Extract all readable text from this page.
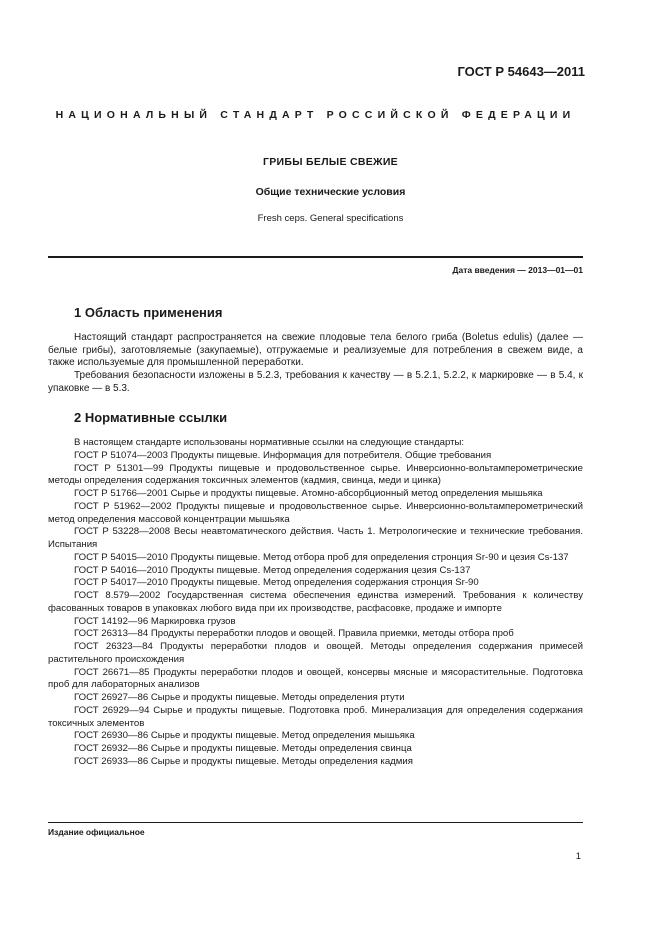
ГОСТ Р 54643—2011
НАЦИОНАЛЬНЫЙ СТАНДАРТ РОССИЙСКОЙ ФЕДЕРАЦИИ
ГРИБЫ БЕЛЫЕ СВЕЖИЕ
Общие технические условия
Fresh ceps. General specifications
Дата введения — 2013—01—01
1 Область применения

Настоящий стандарт распространяется на свежие плодовые тела белого гриба (Boletus edulis) (далее — белые грибы), заготовляемые (закупаемые), отгружаемые и реализуемые для потребления в свежем виде, а также используемые для промышленной переработки.

Требования безопасности изложены в 5.2.3, требования к качеству — в 5.2.1, 5.2.2, к маркировке — в 5.4, к упаковке — в 5.3.

2 Нормативные ссылки

В настоящем стандарте использованы нормативные ссылки на следующие стандарты:

ГОСТ Р 51074—2003 Продукты пищевые. Информация для потребителя. Общие требования

ГОСТ Р 51301—99 Продукты пищевые и продовольственное сырье. Инверсионно-вольтамперометрические методы определения содержания токсичных элементов (кадмия, свинца, меди и цинка)

ГОСТ Р 51766—2001 Сырье и продукты пищевые. Атомно-абсорбционный метод определения мышьяка

ГОСТ Р 51962—2002 Продукты пищевые и продовольственное сырье. Инверсионно-вольтамперометрический метод определения массовой концентрации мышьяка

ГОСТ Р 53228—2008 Весы неавтоматического действия. Часть 1. Метрологические и технические требования. Испытания

ГОСТ Р 54015—2010 Продукты пищевые. Метод отбора проб для определения стронция Sr-90 и цезия Cs-137

ГОСТ Р 54016—2010 Продукты пищевые. Метод определения содержания цезия Cs-137

ГОСТ Р 54017—2010 Продукты пищевые. Метод определения содержания стронция Sr-90

ГОСТ 8.579—2002 Государственная система обеспечения единства измерений. Требования к количеству фасованных товаров в упаковках любого вида при их производстве, расфасовке, продаже и импорте

ГОСТ 14192—96 Маркировка грузов

ГОСТ 26313—84 Продукты переработки плодов и овощей. Правила приемки, методы отбора проб

ГОСТ 26323—84 Продукты переработки плодов и овощей. Методы определения содержания примесей растительного происхождения

ГОСТ 26671—85 Продукты переработки плодов и овощей, консервы мясные и мясорастительные. Подготовка проб для лабораторных анализов

ГОСТ 26927—86 Сырье и продукты пищевые. Методы определения ртути

ГОСТ 26929—94 Сырье и продукты пищевые. Подготовка проб. Минерализация для определения содержания токсичных элементов

ГОСТ 26930—86 Сырье и продукты пищевые. Метод определения мышьяка

ГОСТ 26932—86 Сырье и продукты пищевые. Методы определения свинца

ГОСТ 26933—86 Сырье и продукты пищевые. Методы определения кадмия

Издание официальное
1
